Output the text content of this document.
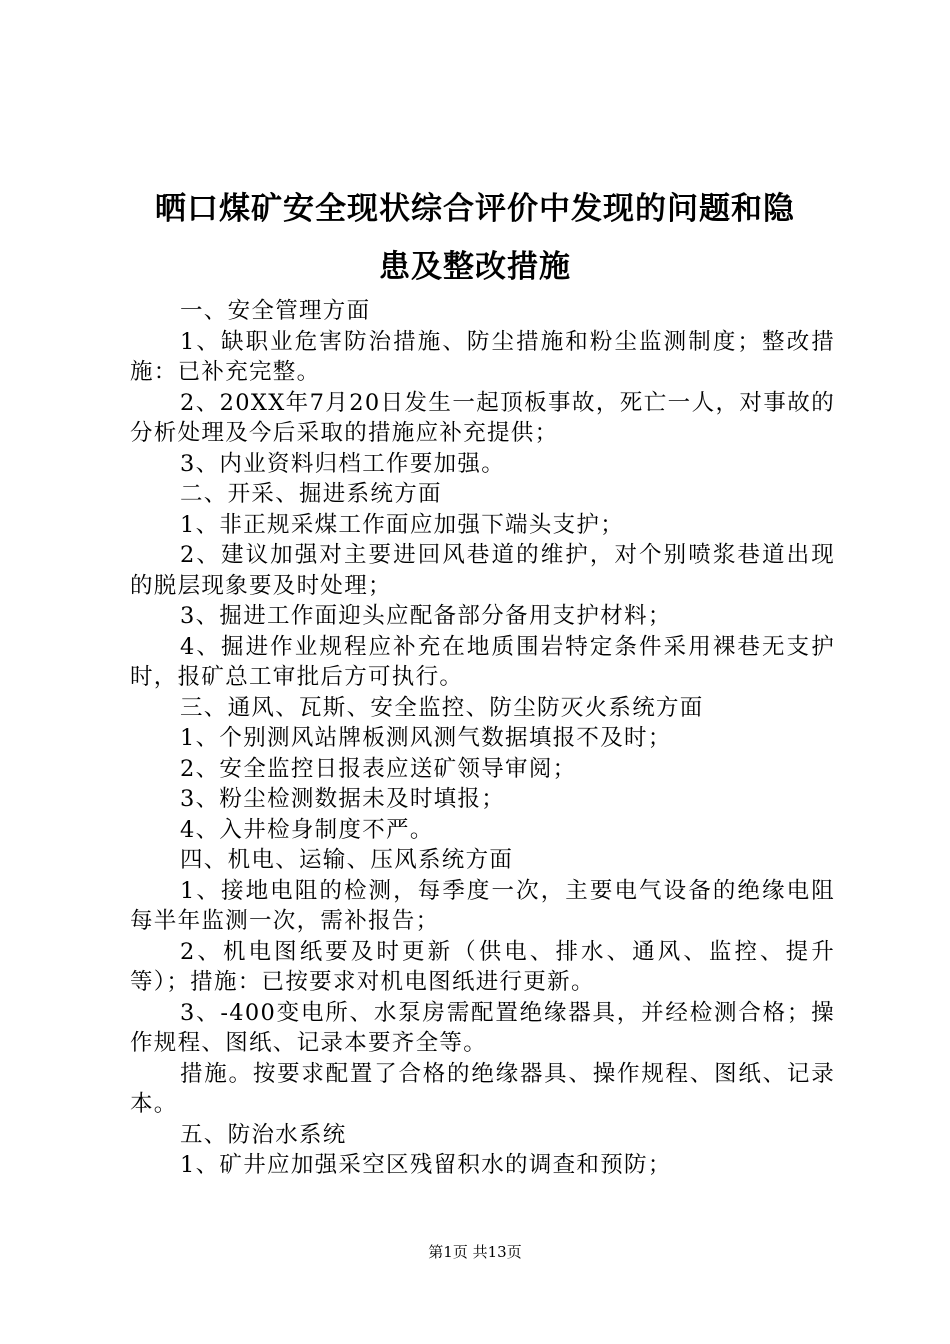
晒口煤矿安全现状综合评价中发现的问题和隐
患及整改措施

一、安全管理方面

1、缺职业危害防治措施、防尘措施和粉尘监测制度；整改措施：已补充完整。

2、20XX年7月20日发生一起顶板事故，死亡一人，对事故的分析处理及今后采取的措施应补充提供；

3、内业资料归档工作要加强。

二、开采、掘进系统方面

1、非正规采煤工作面应加强下端头支护；

2、建议加强对主要进回风巷道的维护，对个别喷浆巷道出现的脱层现象要及时处理；

3、掘进工作面迎头应配备部分备用支护材料；

4、掘进作业规程应补充在地质围岩特定条件采用裸巷无支护时，报矿总工审批后方可执行。

三、通风、瓦斯、安全监控、防尘防灭火系统方面

1、个别测风站牌板测风测气数据填报不及时；

2、安全监控日报表应送矿领导审阅；

3、粉尘检测数据未及时填报；

4、入井检身制度不严。

四、机电、运输、压风系统方面

1、接地电阻的检测，每季度一次，主要电气设备的绝缘电阻每半年监测一次，需补报告；

2、机电图纸要及时更新（供电、排水、通风、监控、提升等）；措施：已按要求对机电图纸进行更新。

3、-400变电所、水泵房需配置绝缘器具，并经检测合格；操作规程、图纸、记录本要齐全等。

措施。按要求配置了合格的绝缘器具、操作规程、图纸、记录本。

五、防治水系统

1、矿井应加强采空区残留积水的调查和预防；

第1页 共13页
